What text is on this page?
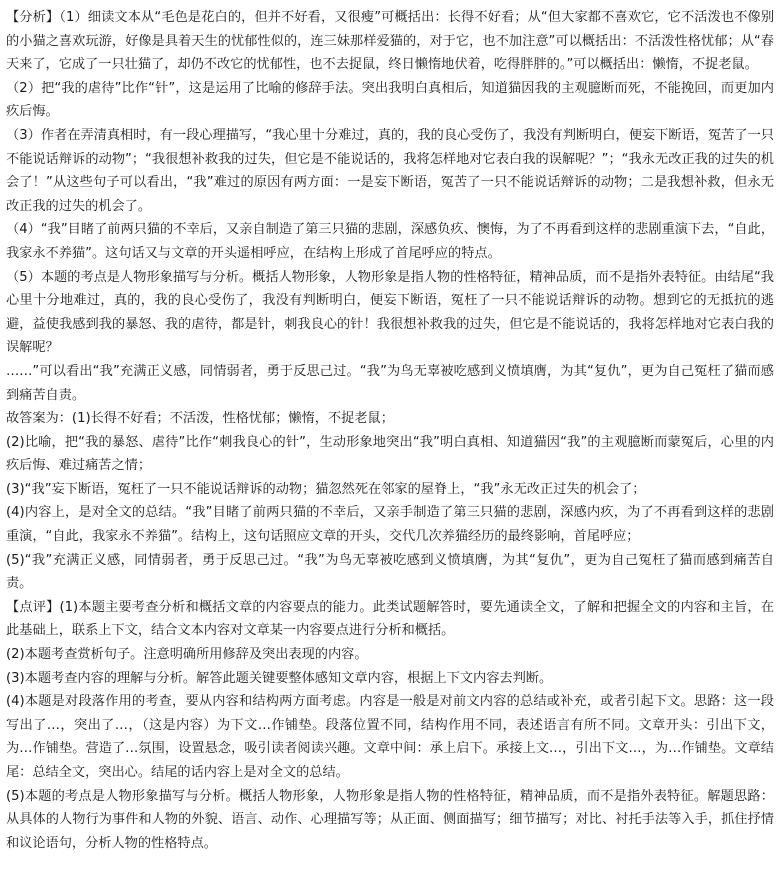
【分析】（1）细读文本从“毛色是花白的，但并不好看，又很瘦”可概括出：长得不好看；从“但大家都不喜欢它，它不活泼也不像别的小猫之喜欢玩游，好像是具着天生的忧郁性似的，连三妹那样爱猫的，对于它，也不加注意”可以概括出：不活泼性格忧郁；从“春天来了，它成了一只壮猫了，却仍不改它的忧郁性，也不去捉鼠，终日懒惰地伏着，吃得胖胖的。”可以概括出：懒惰，不捉老鼠。

（2）把“我的虐待”比作“针”，这是运用了比喻的修辞手法。突出我明白真相后，知道猫因我的主观臆断而死，不能挽回，而更加内疚后悔。

（3）作者在弄清真相时，有一段心理描写，“我心里十分难过，真的，我的良心受伤了，我没有判断明白，便妄下断语，冤苦了一只不能说话辩诉的动物”；“我很想补救我的过失，但它是不能说话的，我将怎样地对它表白我的误解呢？”；“我永无改正我的过失的机会了！”从这些句子可以看出，“我”难过的原因有两方面：一是妄下断语，冤苦了一只不能说话辩诉的动物；二是我想补救，但永无改正我的过失的机会了。

（4）“我”目睹了前两只猫的不幸后，又亲自制造了第三只猫的悲剧，深感负疚、懊悔，为了不再看到这样的悲剧重演下去，“自此，我家永不养猫”。这句话又与文章的开头遥相呼应，在结构上形成了首尾呼应的特点。

（5）本题的考点是人物形象描写与分析。概括人物形象，人物形象是指人物的性格特征，精神品质，而不是指外表特征。由结尾“我心里十分地难过，真的，我的良心受伤了，我没有判断明白，便妄下断语，冤枉了一只不能说话辩诉的动物。想到它的无抵抗的逃避，益使我感到我的暴怒、我的虐待，都是针，刺我良心的针！我很想补救我的过失，但它是不能说话的，我将怎样地对它表白我的误解呢？

……”可以看出“我”充满正义感，同情弱者，勇于反思己过。“我”为鸟无辜被吃感到义愤填膺，为其“复仇”，更为自己冤枉了猫而感到痛苦自责。

故答案为：(1)长得不好看；不活泼，性格忧郁；懒惰，不捉老鼠；

(2)比喻，把“我的暴怒、虐待”比作“刺我良心的针”，生动形象地突出“我”明白真相、知道猫因“我”的主观臆断而蒙冤后，心里的内疚后悔、难过痛苦之情；

(3)“我”妄下断语，冤枉了一只不能说话辩诉的动物；猫忽然死在邻家的屋脊上，“我”永无改正过失的机会了；

(4)内容上，是对全文的总结。“我”目睹了前两只猫的不幸后，又亲手制造了第三只猫的悲剧，深感内疚，为了不再看到这样的悲剧重演，“自此，我家永不养猫”。结构上，这句话照应文章的开头，交代几次养猫经历的最终影响，首尾呼应；

(5)“我”充满正义感，同情弱者，勇于反思己过。“我”为鸟无辜被吃感到义愤填膺，为其“复仇”，更为自己冤枉了猫而感到痛苦自责。

【点评】(1)本题主要考查分析和概括文章的内容要点的能力。此类试题解答时，要先通读全文，了解和把握全文的内容和主旨，在此基础上，联系上下文，结合文本内容对文章某一内容要点进行分析和概括。

(2)本题考查赏析句子。注意明确所用修辞及突出表现的内容。

(3)本题考查内容的理解与分析。解答此题关键要整体感知文章内容，根据上下文内容去判断。

(4)本题是对段落作用的考查，要从内容和结构两方面考虑。内容是一般是对前文内容的总结或补充，或者引起下文。思路：这一段写出了…，突出了…，（这是内容）为下文…作铺垫。段落位置不同，结构作用不同，表述语言有所不同。文章开头：引出下文，为…作铺垫。营造了…氛围，设置悬念，吸引读者阅读兴趣。文章中间：承上启下。承接上文…，引出下文…，为…作铺垫。文章结尾：总结全文，突出心。结尾的话内容上是对全文的总结。

(5)本题的考点是人物形象描写与分析。概括人物形象，人物形象是指人物的性格特征，精神品质，而不是指外表特征。解题思路：从具体的人物行为事件和人物的外貌、语言、动作、心理描写等；从正面、侧面描写；细节描写；对比、衬托手法等入手，抓住抒情和议论语句，分析人物的性格特点。
